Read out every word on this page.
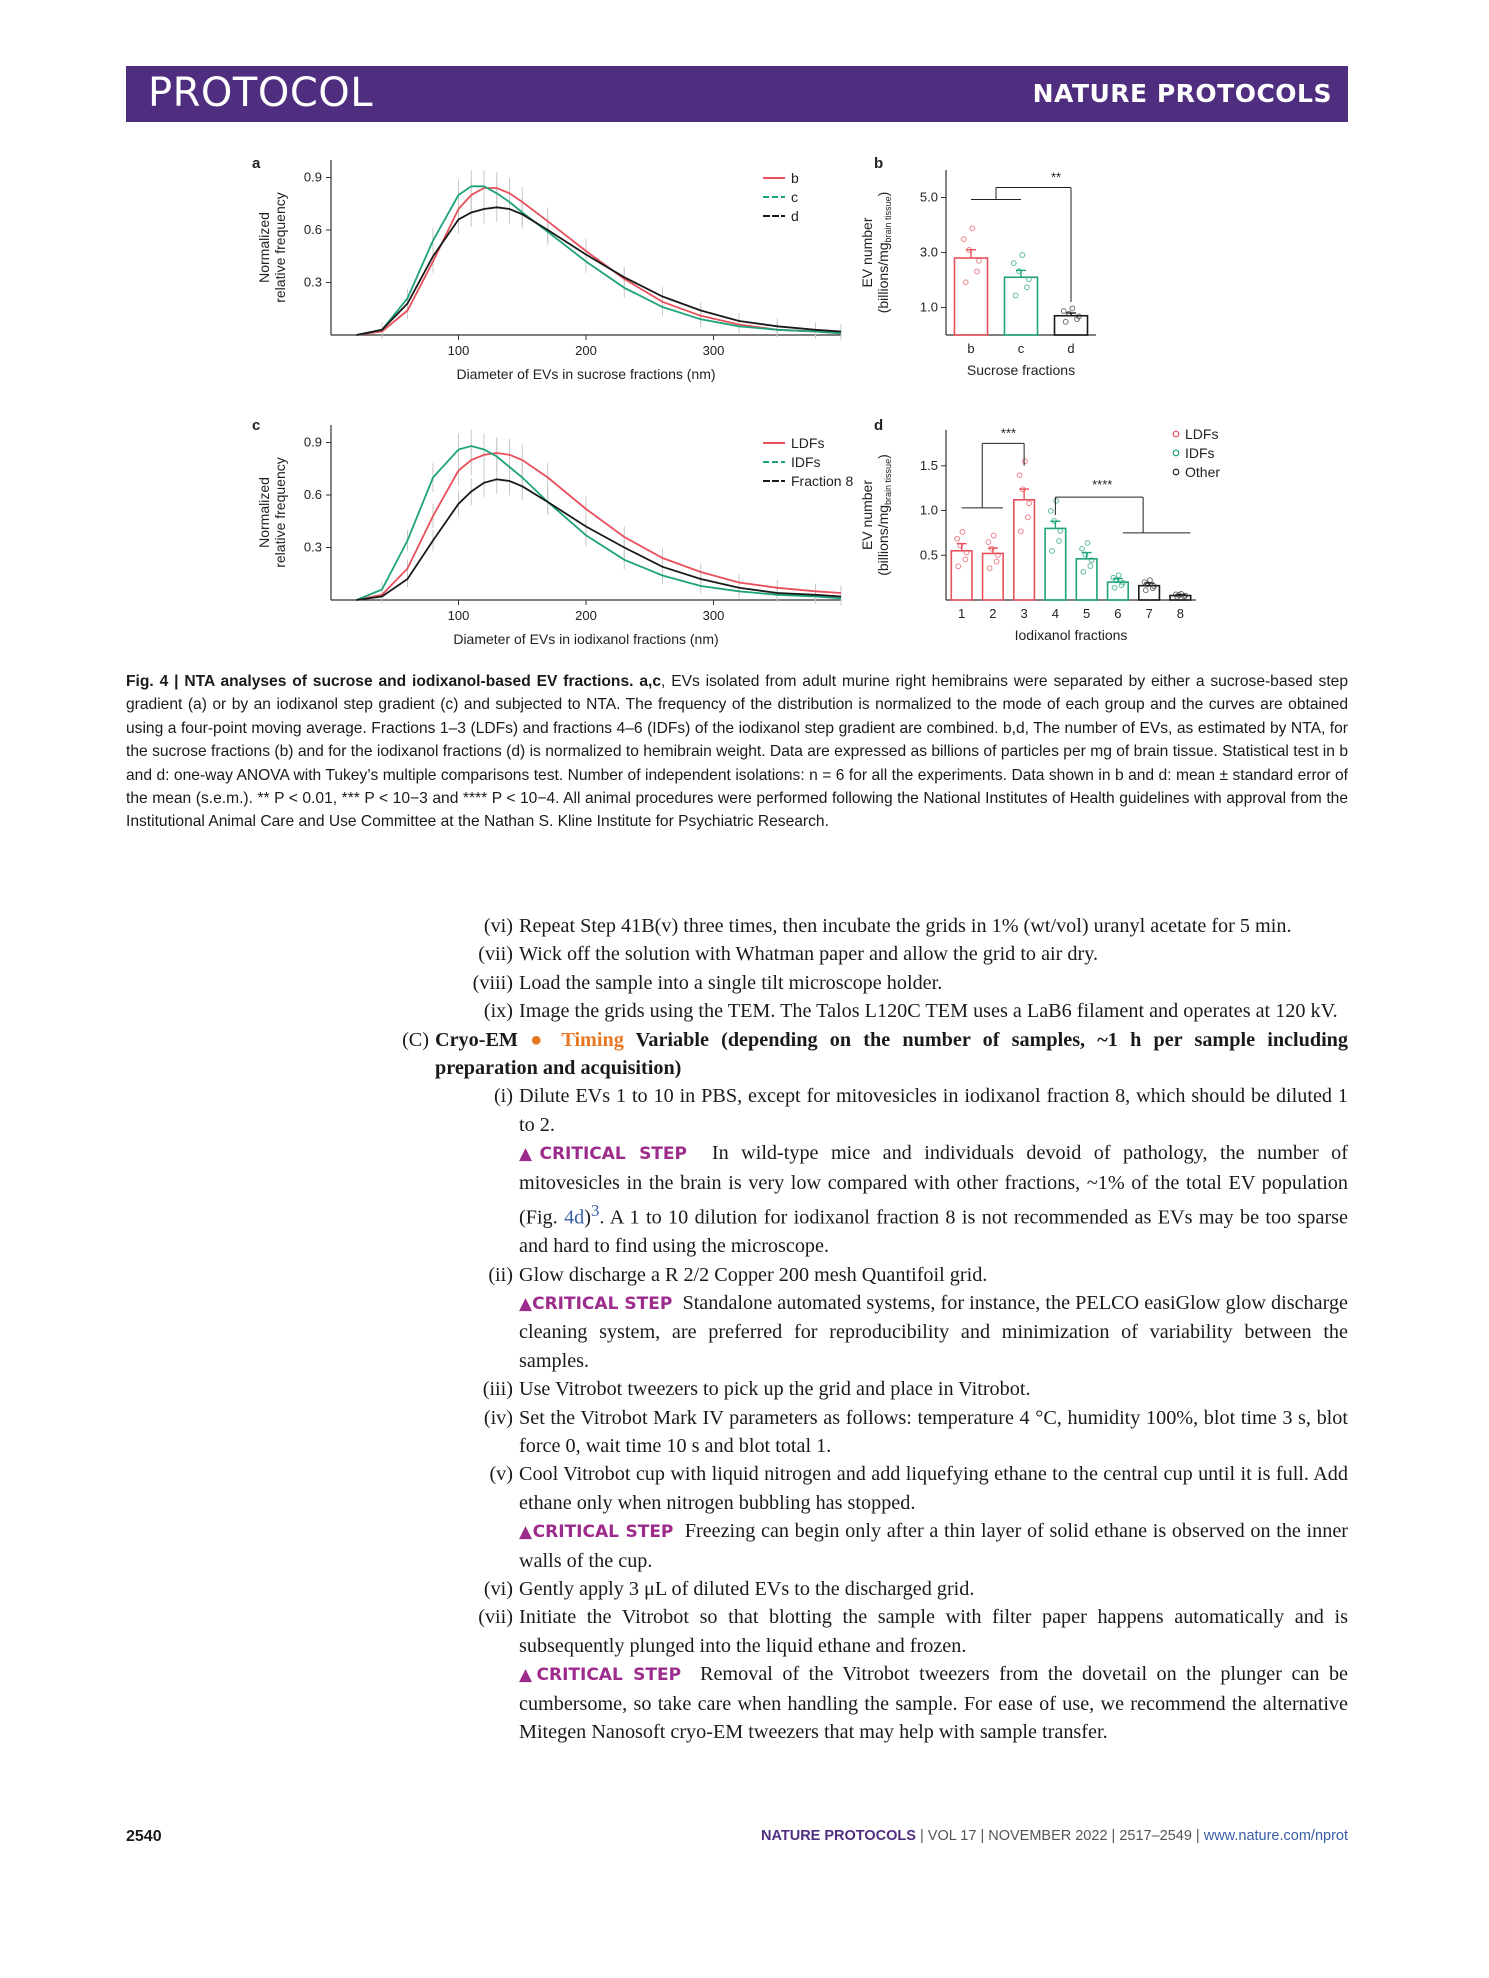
PROTOCOL	NATURE PROTOCOLS
a
0.3
0.6
0.9
100	200	300
Diameter of EVs in sucrose fractions (nm)
Normalized relative frequency
b
c
d
b
1.0
3.0
5.0
b	c	d
Sucrose fractions
EV number $(billions/mg_{brain tissue})$
**
c
0.3
0.6
0.9
100	200	300
Diameter of EVs in iodixanol fractions (nm)
Normalized relative frequency
LDFs
IDFs
Fraction 8
d
0.5
1.0
1.5
1 2 3 4 5 6 7 8
Iodixanol fractions
EV number $(billions/mg_{brain tissue})$
***
****
LDFs
IDFs
Other
Fig. 4 | NTA analyses of sucrose and iodixanol-based EV fractions. a,c, EVs isolated from adult murine right hemibrains were separated by either a sucrose-based step gradient (a) or by an iodixanol step gradient (c) and subjected to NTA. The frequency of the distribution is normalized to the mode of each group and the curves are obtained using a four-point moving average. Fractions 1–3 (LDFs) and fractions 4–6 (IDFs) of the iodixanol step gradient are combined. b,d, The number of EVs, as estimated by NTA, for the sucrose fractions (b) and for the iodixanol fractions (d) is normalized to hemibrain weight. Data are expressed as billions of particles per mg of brain tissue. Statistical test in b and d: one-way ANOVA with Tukey’s multiple comparisons test. Number of independent isolations: n = 6 for all the experiments. Data shown in b and d: mean ± standard error of the mean (s.e.m.). ** P < 0.01, *** P < 10−3 and **** P < 10−4. All animal procedures were performed following the National Institutes of Health guidelines with approval from the Institutional Animal Care and Use Committee at the Nathan S. Kline Institute for Psychiatric Research.
(vi) Repeat Step 41B(v) three times, then incubate the grids in 1% (wt/vol) uranyl acetate for 5 min.
(vii) Wick off the solution with Whatman paper and allow the grid to air dry.
(viii) Load the sample into a single tilt microscope holder.
(ix) Image the grids using the TEM. The Talos L120C TEM uses a LaB6 filament and operates at 120 kV.
(C) Cryo-EM ● Timing Variable (depending on the number of samples, ~1 h per sample including preparation and acquisition)
(i) Dilute EVs 1 to 10 in PBS, except for mitovesicles in iodixanol fraction 8, which should be diluted 1 to 2.
▲CRITICAL STEP In wild-type mice and individuals devoid of pathology, the number of mitovesicles in the brain is very low compared with other fractions, ~1% of the total EV population (Fig. 4d)$^3$. A 1 to 10 dilution for iodixanol fraction 8 is not recommended as EVs may be too sparse and hard to find using the microscope.
(ii) Glow discharge a R 2/2 Copper 200 mesh Quantifoil grid.
▲CRITICAL STEP Standalone automated systems, for instance, the PELCO easiGlow glow discharge cleaning system, are preferred for reproducibility and minimization of variability between the samples.
(iii) Use Vitrobot tweezers to pick up the grid and place in Vitrobot.
(iv) Set the Vitrobot Mark IV parameters as follows: temperature 4 °C, humidity 100%, blot time 3 s, blot force 0, wait time 10 s and blot total 1.
(v) Cool Vitrobot cup with liquid nitrogen and add liquefying ethane to the central cup until it is full. Add ethane only when nitrogen bubbling has stopped.
▲CRITICAL STEP Freezing can begin only after a thin layer of solid ethane is observed on the inner walls of the cup.
(vi) Gently apply 3 μL of diluted EVs to the discharged grid.
(vii) Initiate the Vitrobot so that blotting the sample with filter paper happens automatically and is subsequently plunged into the liquid ethane and frozen.
▲CRITICAL STEP Removal of the Vitrobot tweezers from the dovetail on the plunger can be cumbersome, so take care when handling the sample. For ease of use, we recommend the alternative Mitegen Nanosoft cryo-EM tweezers that may help with sample transfer.
2540	NATURE PROTOCOLS | VOL 17 | NOVEMBER 2022 | 2517–2549 | www.nature.com/nprot
